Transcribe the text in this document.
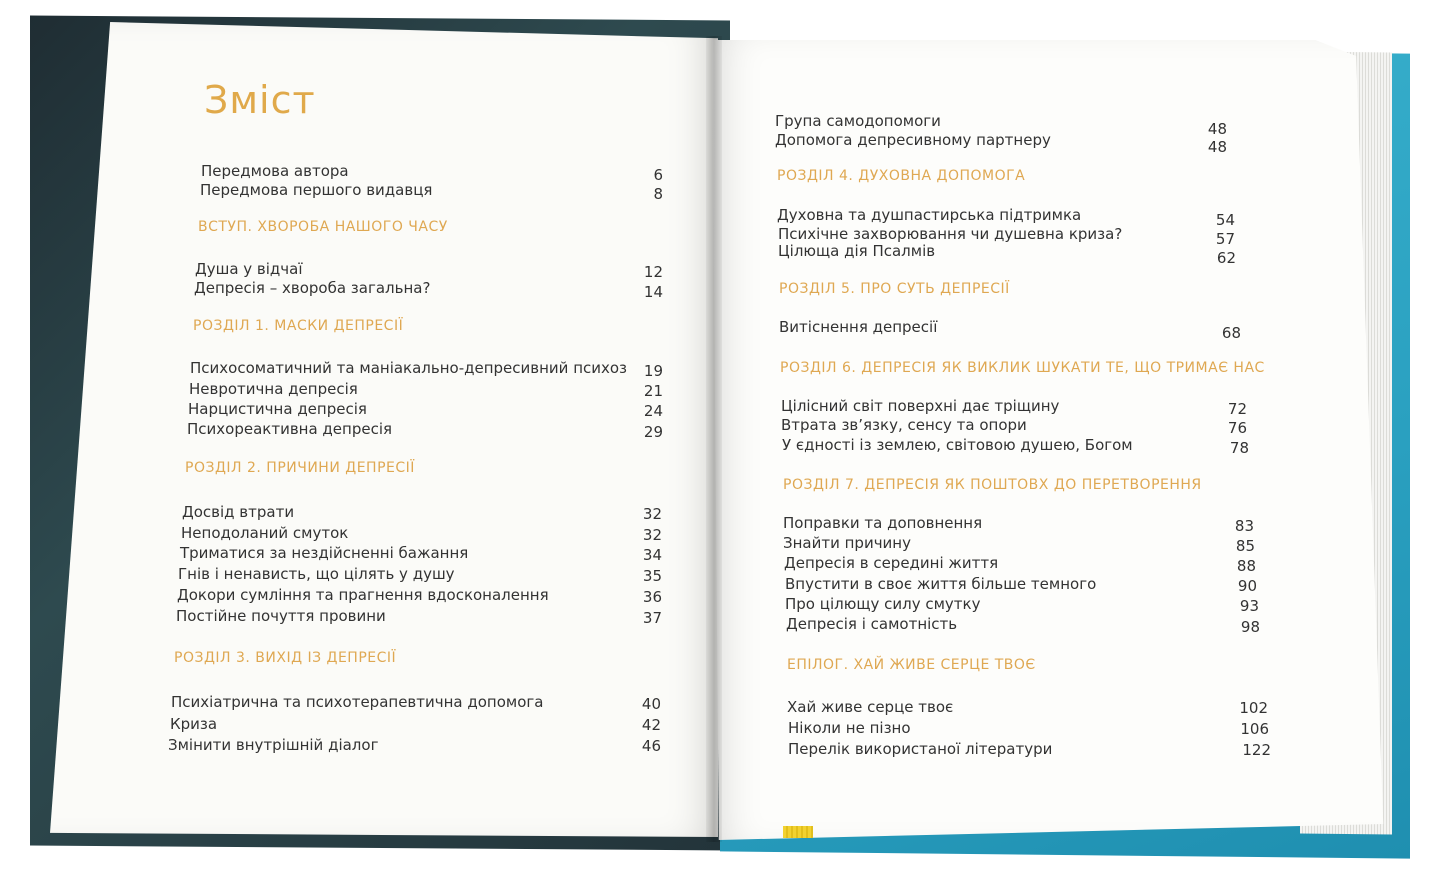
Зміст
Передмова автора	6
Передмова першого видавця	8
ВСТУП. ХВОРОБА НАШОГО ЧАСУ
Душа у відчаї	12
Депресія – хвороба загальна?	14
РОЗДІЛ 1. МАСКИ ДЕПРЕСІЇ
Психосоматичний та маніакально-депресивний психоз	19
Невротична депресія	21
Нарцистична депресія	24
Психореактивна депресія	29
РОЗДІЛ 2. ПРИЧИНИ ДЕПРЕСІЇ
Досвід втрати	32
Неподоланий смуток	32
Триматися за нездійсненні бажання	34
Гнів і ненависть, що цілять у душу	35
Докори сумління та прагнення вдосконалення	36
Постійне почуття провини	37
РОЗДІЛ 3. ВИХІД ІЗ ДЕПРЕСІЇ
Психіатрична та психотерапевтична допомога	40
Криза	42
Змінити внутрішній діалог	46
Група самодопомоги	48
Допомога депресивному партнеру	48
РОЗДІЛ 4. ДУХОВНА ДОПОМОГА
Духовна та душпастирська підтримка	54
Психічне захворювання чи душевна криза?	57
Цілюща дія Псалмів	62
РОЗДІЛ 5. ПРО СУТЬ ДЕПРЕСІЇ
Витіснення депресії	68
РОЗДІЛ 6. ДЕПРЕСІЯ ЯК ВИКЛИК ШУКАТИ ТЕ, ЩО ТРИМАЄ НАС
Цілісний світ поверхні дає тріщину	72
Втрата зв’язку, сенсу та опори	76
У єдності із землею, світовою душею, Богом	78
РОЗДІЛ 7. ДЕПРЕСІЯ ЯК ПОШТОВХ ДО ПЕРЕТВОРЕННЯ
Поправки та доповнення	83
Знайти причину	85
Депресія в середині життя	88
Впустити в своє життя більше темного	90
Про цілющу силу смутку	93
Депресія і самотність	98
ЕПІЛОГ. ХАЙ ЖИВЕ СЕРЦЕ ТВОЄ
Хай живе серце твоє	102
Ніколи не пізно	106
Перелік використаної літератури	122
